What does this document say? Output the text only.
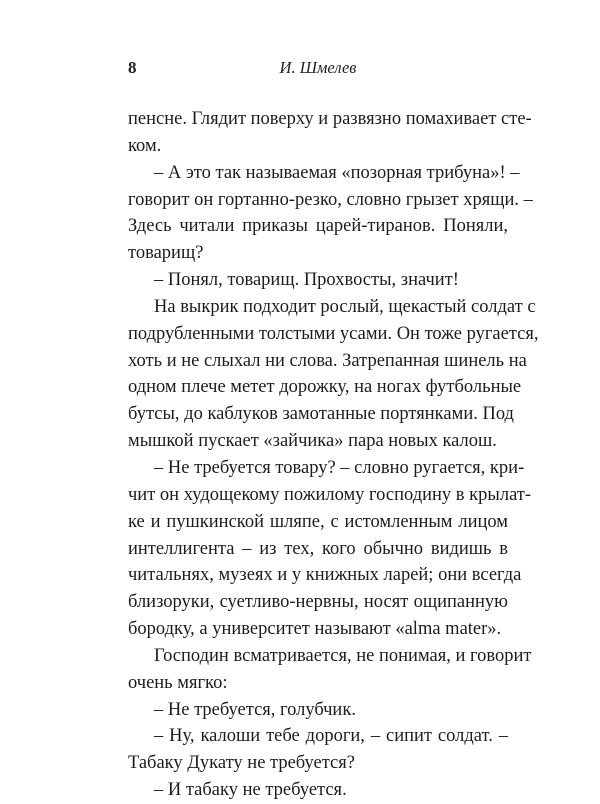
8	И. Шмелев
пенсне. Глядит поверху и развязно помахивает сте-
ком.
– А это так называемая «позорная трибуна»! –
говорит он гортанно-резко, словно грызет хрящи. –
Здесь читали приказы царей-тиранов. Поняли,
товарищ?
– Понял, товарищ. Прохвосты, значит!
На выкрик подходит рослый, щекастый солдат с
подрубленными толстыми усами. Он тоже ругается,
хоть и не слыхал ни слова. Затрепанная шинель на
одном плече метет дорожку, на ногах футбольные
бутсы, до каблуков замотанные портянками. Под
мышкой пускает «зайчика» пара новых калош.
– Не требуется товару? – словно ругается, кри-
чит он худощекому пожилому господину в крылат-
ке и пушкинской шляпе, с истомленным лицом
интеллигента – из тех, кого обычно видишь в
читальнях, музеях и у книжных ларей; они всегда
близоруки, суетливо-нервны, носят ощипанную
бородку, а университет называют «alma mater».
Господин всматривается, не понимая, и говорит
очень мягко:
– Не требуется, голубчик.
– Ну, калоши тебе дороги, – сипит солдат. –
Табаку Дукату не требуется?
– И табаку не требуется.
